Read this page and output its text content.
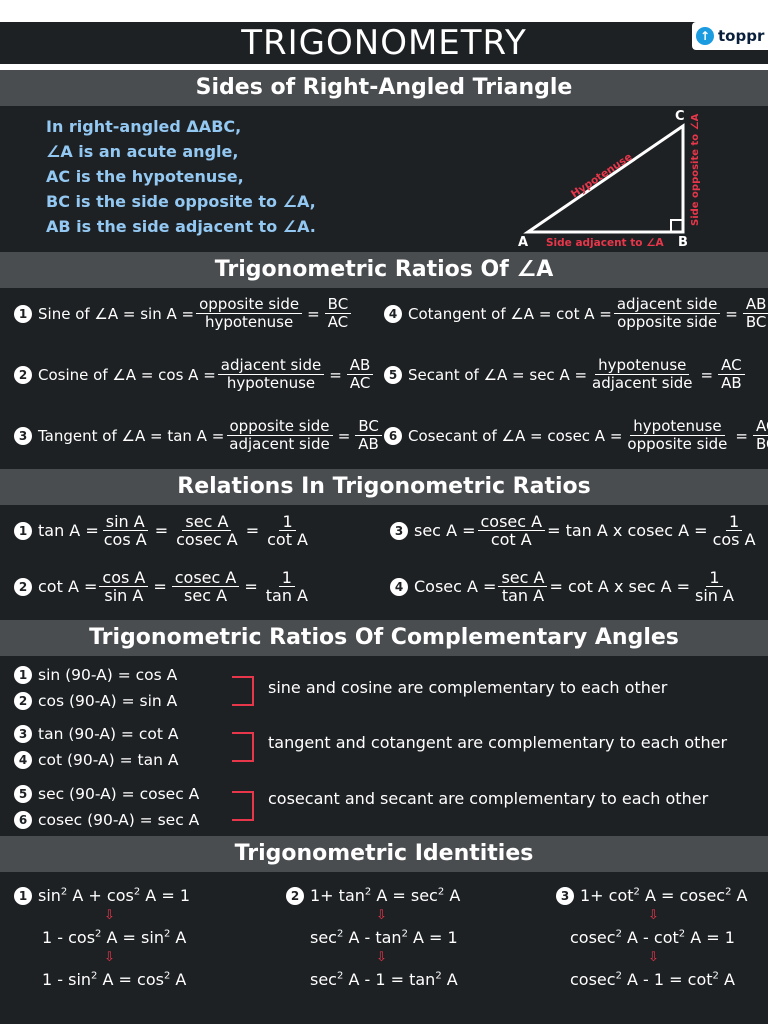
TRIGONOMETRY	↑ toppr
Sides of Right-Angled Triangle
In right-angled ΔABC,
∠A is an acute angle,
AC is the hypotenuse,
BC is the side opposite to ∠A,
AB is the side adjacent to ∠A.
A	B
C
Hypotenuse	Side opposite to ∠A
Side adjacent to ∠A
Trigonometric Ratios Of ∠A
1 Sine of ∠A = $\sin A = \frac{\text{opposite side}}{\text{hypotenuse}} = \frac{BC}{AC}$
2 Cosine of ∠A = $\cos A = \frac{\text{adjacent side}}{\text{hypotenuse}} = \frac{AB}{AC}$
3 Tangent of ∠A = $\tan A = \frac{\text{opposite side}}{\text{adjacent side}} = \frac{BC}{AB}$
4 Cotangent of ∠A = $\cot A = \frac{\text{adjacent side}}{\text{opposite side}} = \frac{AB}{BC}$
5 Secant of ∠A = $\sec A = \frac{\text{hypotenuse}}{\text{adjacent side}} = \frac{AC}{AB}$
6 Cosecant of ∠A = cosec $A = \frac{\text{hypotenuse}}{\text{opposite side}} = \frac{AC}{BC}$
Relations In Trigonometric Ratios
1 $\tan A = \frac{\text{sin A}}{\text{cos A}} = \frac{\text{sec A}}{\text{cosec A}} = \frac{1}{\text{cot A}}$
2 $\cot A = \frac{\text{cos A}}{\text{sin A}} = \frac{\text{cosec A}}{\text{sec A}} = \frac{1}{\text{tan A}}$
3 $\sec A = \frac{\text{cosec A}}{\text{cot A}} = \tan A$ x cosec $A = \frac{1}{\text{cos A}}$
4 Cosec $A = \frac{\text{sec A}}{\text{tan A}} = \cot A$ x $\sec A = \frac{1}{\text{sin A}}$
Trigonometric Ratios Of Complementary Angles
1 sin (90-A) = cos A
2 cos (90-A) = sin A
sine and cosine are complementary to each other
3 tan (90-A) = cot A
4 cot (90-A) = tan A
tangent and cotangent are complementary to each other
5 sec (90-A) = cosec A
6 cosec (90-A) = sec A
cosecant and secant are complementary to each other
Trigonometric Identities
1 $\sin^2 A + \cos^2 A = 1$
⇩
$1 - \cos^2 A = \sin^2 A$
⇩
$1 - \sin^2 A = \cos^2 A$
2 $1+ \tan^2 A = \sec^2 A$
⇩
$\sec^2 A - \tan^2 A = 1$
⇩
$\sec^2 A - 1 = \tan^2 A$
3 $1+ \cot^2 A = cosec^2$ A
⇩
cosec$^2$ $A - \cot^2 A = 1$
⇩
cosec$^2$ $A - 1 = \cot^2 A$
